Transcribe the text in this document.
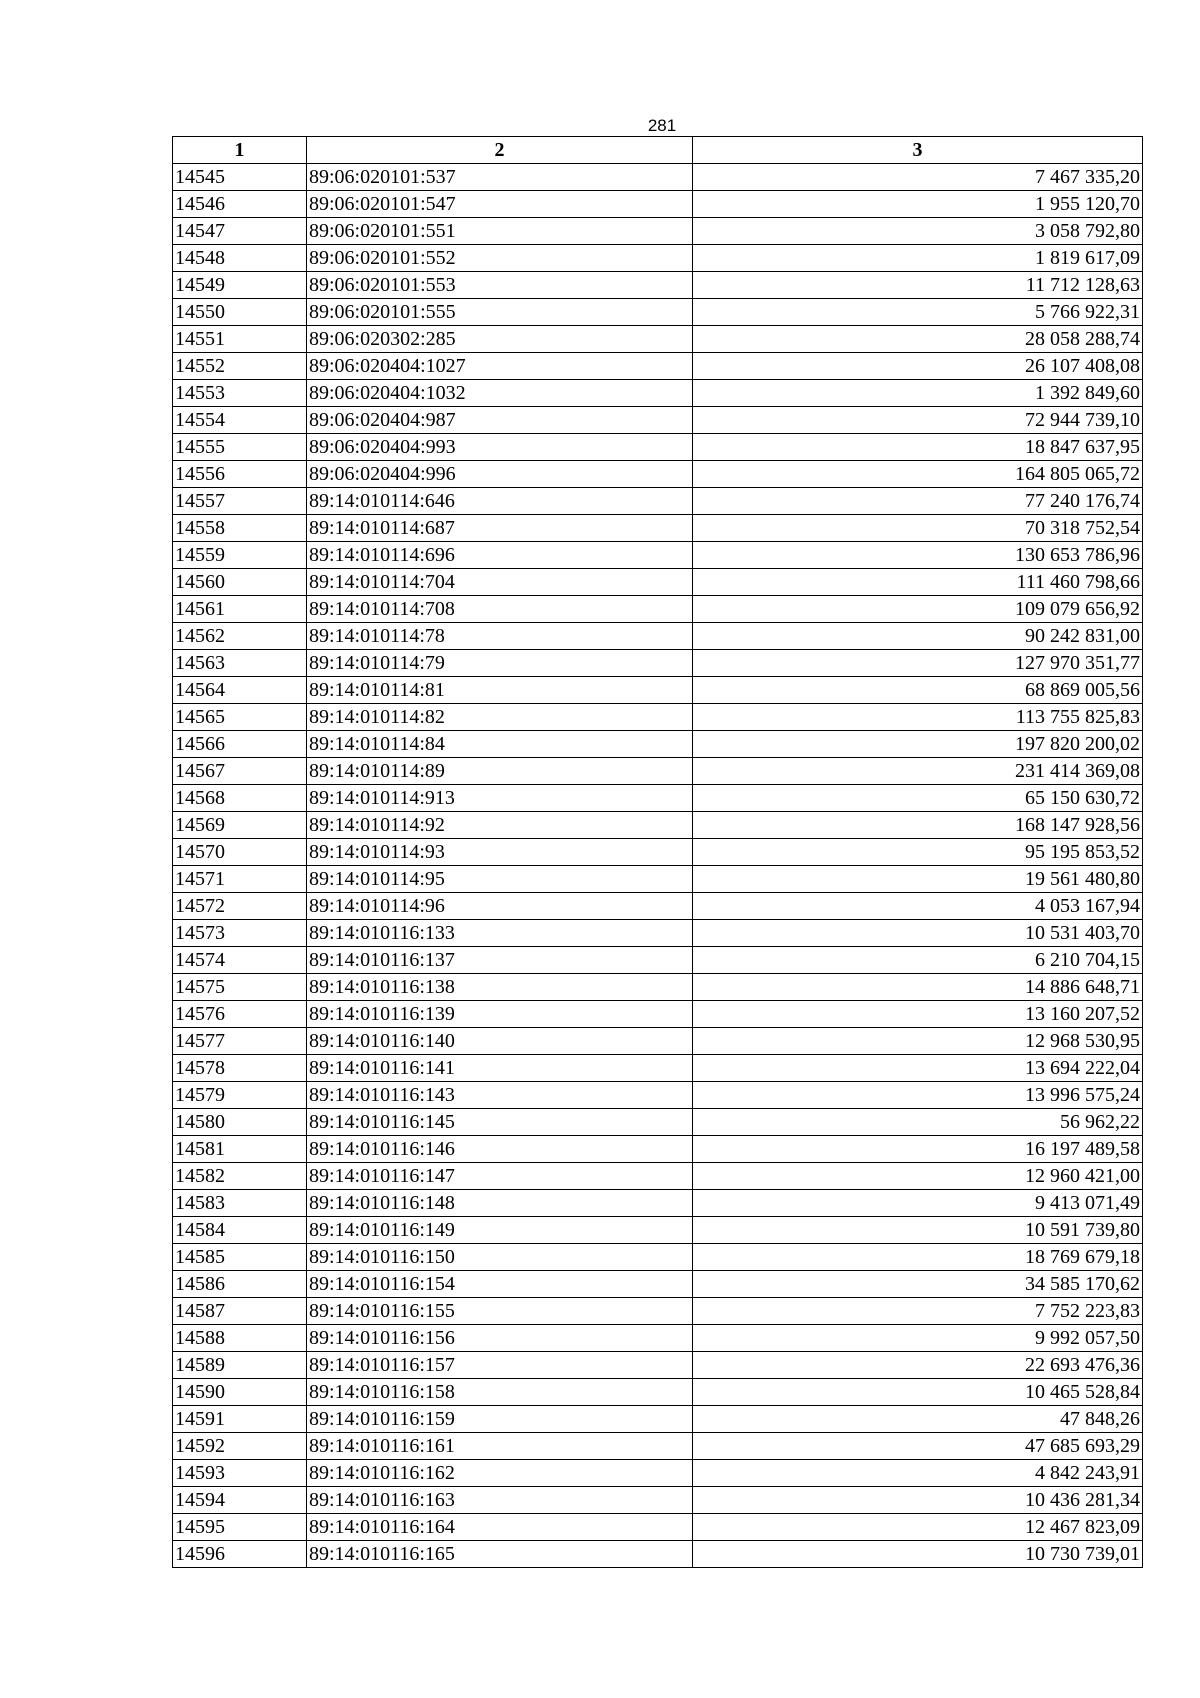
281
1	2	3
14545	89:06:020101:537	7 467 335,20
14546	89:06:020101:547	1 955 120,70
14547	89:06:020101:551	3 058 792,80
14548	89:06:020101:552	1 819 617,09
14549	89:06:020101:553	11 712 128,63
14550	89:06:020101:555	5 766 922,31
14551	89:06:020302:285	28 058 288,74
14552	89:06:020404:1027	26 107 408,08
14553	89:06:020404:1032	1 392 849,60
14554	89:06:020404:987	72 944 739,10
14555	89:06:020404:993	18 847 637,95
14556	89:06:020404:996	164 805 065,72
14557	89:14:010114:646	77 240 176,74
14558	89:14:010114:687	70 318 752,54
14559	89:14:010114:696	130 653 786,96
14560	89:14:010114:704	111 460 798,66
14561	89:14:010114:708	109 079 656,92
14562	89:14:010114:78	90 242 831,00
14563	89:14:010114:79	127 970 351,77
14564	89:14:010114:81	68 869 005,56
14565	89:14:010114:82	113 755 825,83
14566	89:14:010114:84	197 820 200,02
14567	89:14:010114:89	231 414 369,08
14568	89:14:010114:913	65 150 630,72
14569	89:14:010114:92	168 147 928,56
14570	89:14:010114:93	95 195 853,52
14571	89:14:010114:95	19 561 480,80
14572	89:14:010114:96	4 053 167,94
14573	89:14:010116:133	10 531 403,70
14574	89:14:010116:137	6 210 704,15
14575	89:14:010116:138	14 886 648,71
14576	89:14:010116:139	13 160 207,52
14577	89:14:010116:140	12 968 530,95
14578	89:14:010116:141	13 694 222,04
14579	89:14:010116:143	13 996 575,24
14580	89:14:010116:145	56 962,22
14581	89:14:010116:146	16 197 489,58
14582	89:14:010116:147	12 960 421,00
14583	89:14:010116:148	9 413 071,49
14584	89:14:010116:149	10 591 739,80
14585	89:14:010116:150	18 769 679,18
14586	89:14:010116:154	34 585 170,62
14587	89:14:010116:155	7 752 223,83
14588	89:14:010116:156	9 992 057,50
14589	89:14:010116:157	22 693 476,36
14590	89:14:010116:158	10 465 528,84
14591	89:14:010116:159	47 848,26
14592	89:14:010116:161	47 685 693,29
14593	89:14:010116:162	4 842 243,91
14594	89:14:010116:163	10 436 281,34
14595	89:14:010116:164	12 467 823,09
14596	89:14:010116:165	10 730 739,01
